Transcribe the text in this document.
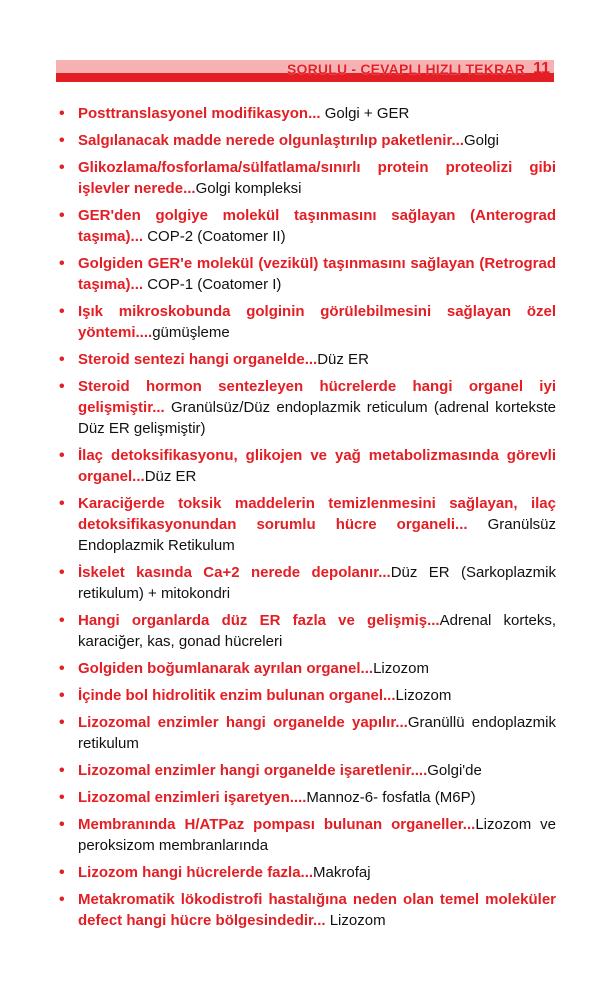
SORULU - CEVAPLI HIZLI TEKRAR 11
• Posttranslasyonel modifikasyon... Golgi + GER
• Salgılanacak madde nerede olgunlaştırılıp paketlenir...Golgi
• Glikozlama/fosforlama/sülfatlama/sınırlı protein proteolizi gibi işlevler nerede...Golgi kompleksi
• GER'den golgiye molekül taşınmasını sağlayan (Anterograd taşıma)... COP-2 (Coatomer II)
• Golgiden GER'e molekül (vezikül) taşınmasını sağlayan (Retrograd taşıma)... COP-1 (Coatomer I)
• Işık mikroskobunda golginin görülebilmesini sağlayan özel yöntemi....gümüşleme
• Steroid sentezi hangi organelde...Düz ER
• Steroid hormon sentezleyen hücrelerde hangi organel iyi gelişmiştir... Granülsüz/Düz endoplazmik reticulum (adrenal kortekste Düz ER gelişmiştir)
• İlaç detoksifikasyonu, glikojen ve yağ metabolizmasında görevli organel...Düz ER
• Karaciğerde toksik maddelerin temizlenmesini sağlayan, ilaç detoksifikasyonundan sorumlu hücre organeli... Granülsüz Endoplazmik Retikulum
• İskelet kasında Ca+2 nerede depolanır...Düz ER (Sarkoplazmik retikulum) + mitokondri
• Hangi organlarda düz ER fazla ve gelişmiş...Adrenal korteks, karaciğer, kas, gonad hücreleri
• Golgiden boğumlanarak ayrılan organel...Lizozom
• İçinde bol hidrolitik enzim bulunan organel...Lizozom
• Lizozomal enzimler hangi organelde yapılır...Granüllü endoplazmik retikulum
• Lizozomal enzimler hangi organelde işaretlenir....Golgi'de
• Lizozomal enzimleri işaretyen....Mannoz-6- fosfatla (M6P)
• Membranında H/ATPaz pompası bulunan organeller...Lizozom ve peroksizom membranlarında
• Lizozom hangi hücrelerde fazla...Makrofaj
• Metakromatik lökodistrofi hastalığına neden olan temel moleküler defect hangi hücre bölgesindedir... Lizozom
